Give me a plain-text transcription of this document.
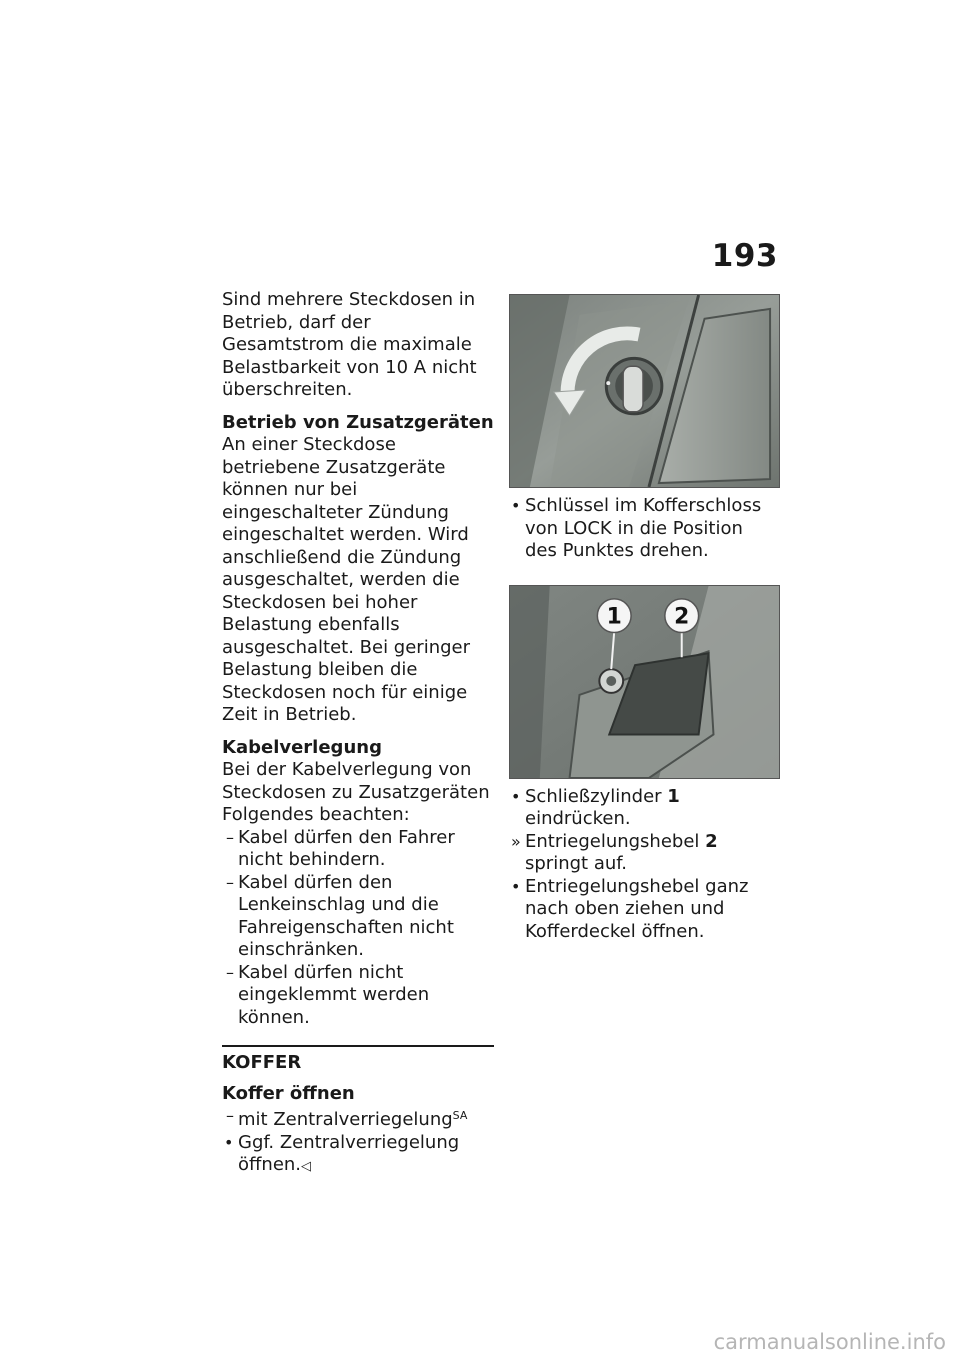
193

Sind mehrere Steckdosen in Betrieb, darf der Gesamtstrom die maximale Belastbarkeit von 10 A nicht überschreiten.

Betrieb von Zusatzgeräten

An einer Steckdose betriebene Zusatzgeräte können nur bei eingeschalteter Zündung eingeschaltet werden. Wird anschließend die Zündung ausgeschaltet, werden die Steckdosen bei hoher Belastung ebenfalls ausgeschaltet. Bei geringer Belastung bleiben die Steckdosen noch für einige Zeit in Betrieb.

Kabelverlegung

Bei der Kabelverlegung von Steckdosen zu Zusatzgeräten Folgendes beachten:

– Kabel dürfen den Fahrer nicht behindern.
– Kabel dürfen den Lenkeinschlag und die Fahreigenschaften nicht einschränken.
– Kabel dürfen nicht eingeklemmt werden können.

KOFFER

Koffer öffnen

– mit Zentralverriegelung$^{SA}$
• Ggf. Zentralverriegelung öffnen.◁
• Schlüssel im Kofferschloss von LOCK in die Position des Punktes drehen.
1 2
• Schließzylinder 1 eindrücken.
» Entriegelungshebel 2 springt auf.
• Entriegelungshebel ganz nach oben ziehen und Kofferdeckel öffnen.
carmanualsonline.info
